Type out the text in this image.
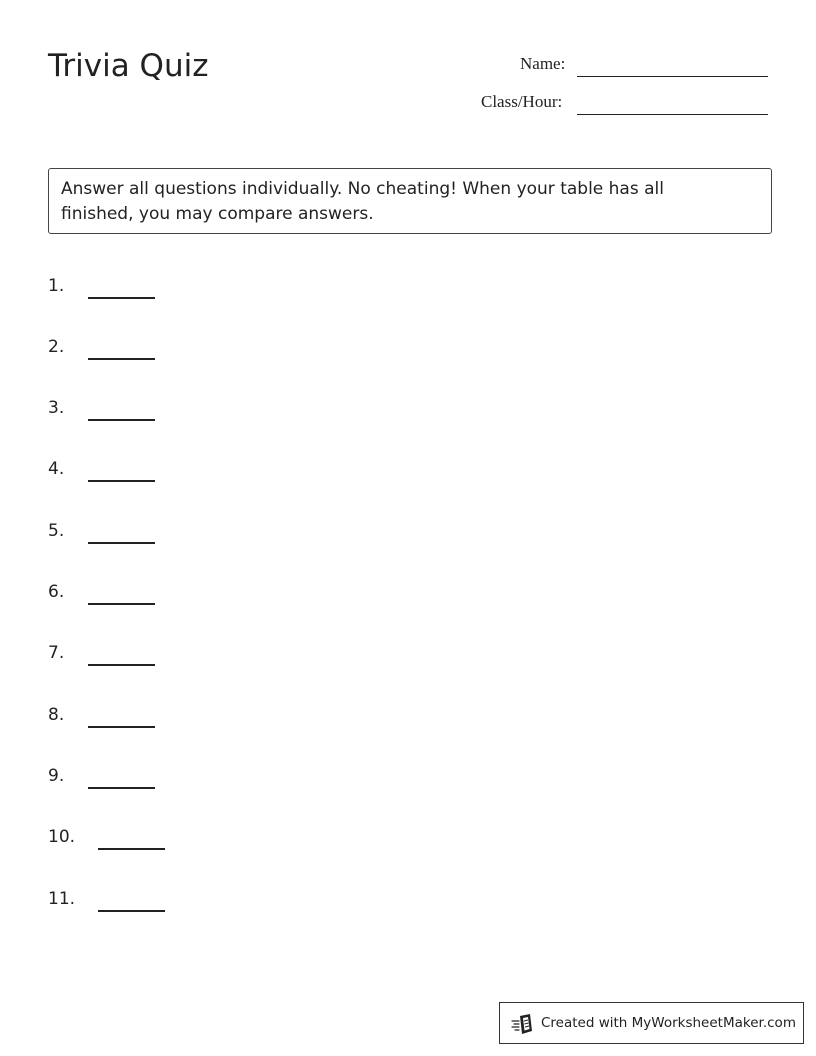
Trivia Quiz	Name:
Class/Hour:
Answer all questions individually. No cheating! When your table has all
finished, you may compare answers.
1.
2.
3.
4.
5.
6.
7.
8.
9.
10.
11.
Created with MyWorksheetMaker.com
